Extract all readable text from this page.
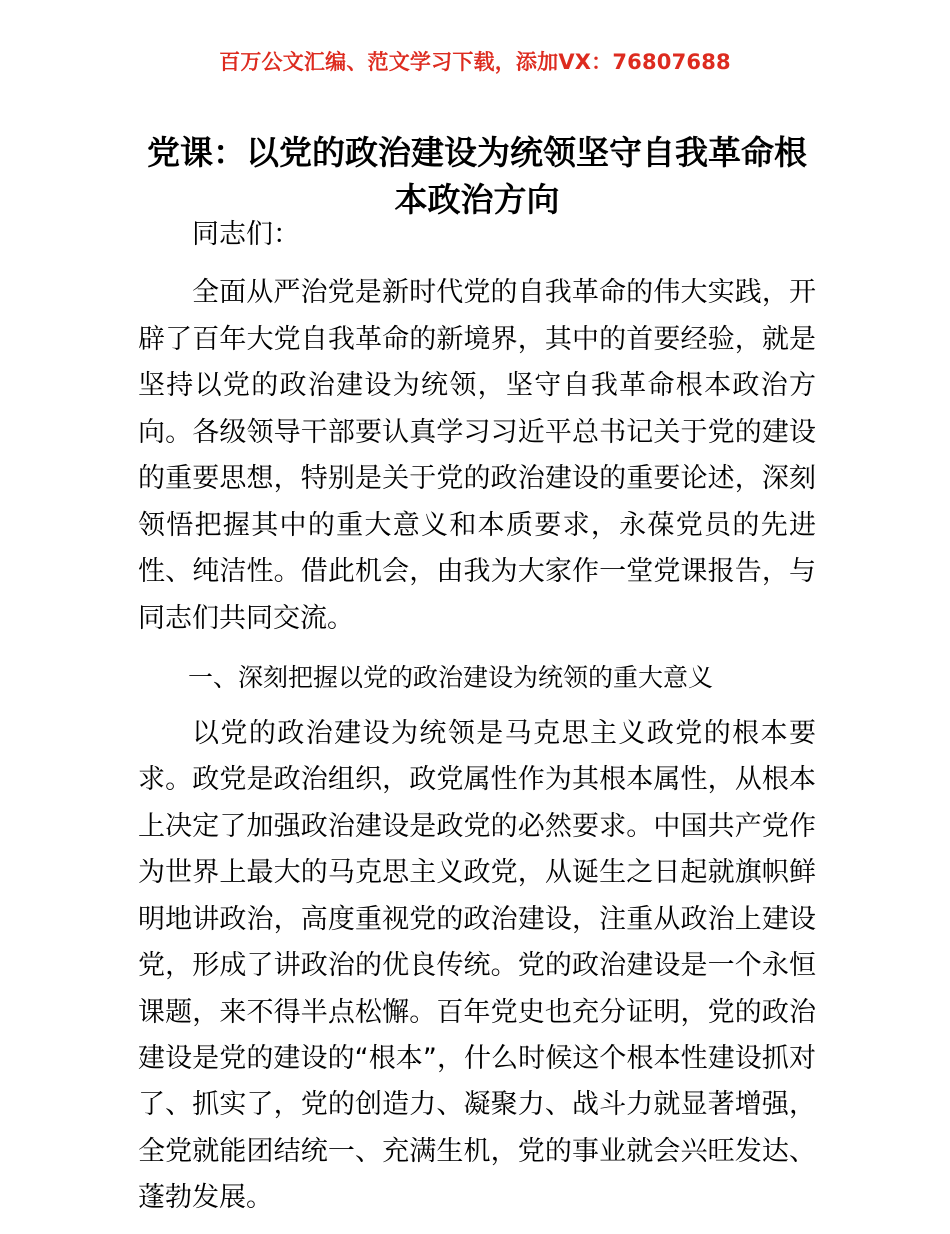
百万公文汇编、范文学习下载，添加VX：76807688
党课：以党的政治建设为统领坚守自我革命根本政治方向

同志们：

全面从严治党是新时代党的自我革命的伟大实践，开辟了百年大党自我革命的新境界，其中的首要经验，就是坚持以党的政治建设为统领，坚守自我革命根本政治方向。各级领导干部要认真学习习近平总书记关于党的建设的重要思想，特别是关于党的政治建设的重要论述，深刻领悟把握其中的重大意义和本质要求，永葆党员的先进性、纯洁性。借此机会，由我为大家作一堂党课报告，与同志们共同交流。

一、深刻把握以党的政治建设为统领的重大意义

以党的政治建设为统领是马克思主义政党的根本要求。政党是政治组织，政党属性作为其根本属性，从根本上决定了加强政治建设是政党的必然要求。中国共产党作为世界上最大的马克思主义政党，从诞生之日起就旗帜鲜明地讲政治，高度重视党的政治建设，注重从政治上建设党，形成了讲政治的优良传统。党的政治建设是一个永恒课题，来不得半点松懈。百年党史也充分证明，党的政治建设是党的建设的“根本”，什么时候这个根本性建设抓对了、抓实了，党的创造力、凝聚力、战斗力就显著增强，全党就能团结统一、充满生机，党的事业就会兴旺发达、蓬勃发展。
